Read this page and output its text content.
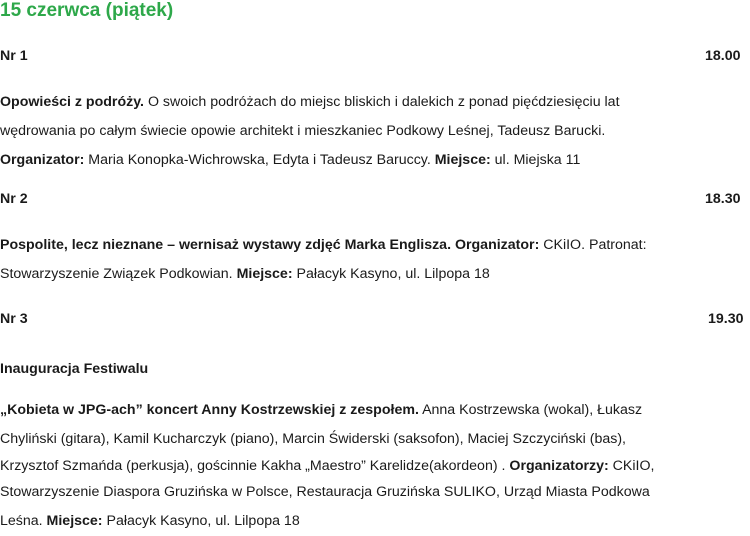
15 czerwca (piątek)
Nr 1	18.00
Opowieści z podróży. O swoich podróżach do miejsc bliskich i dalekich z ponad pięćdziesięciu lat
wędrowania po całym świecie opowie architekt i mieszkaniec Podkowy Leśnej, Tadeusz Barucki.
Organizator: Maria Konopka-Wichrowska, Edyta i Tadeusz Baruccy. Miejsce: ul. Miejska 11
Nr 2	18.30
Pospolite, lecz nieznane – wernisaż wystawy zdjęć Marka Englisza. Organizator: CKiIO. Patronat:
Stowarzyszenie Związek Podkowian. Miejsce: Pałacyk Kasyno, ul. Lilpopa 18
Nr 3	19.30
Inauguracja Festiwalu
„Kobieta w JPG-ach” koncert Anny Kostrzewskiej z zespołem. Anna Kostrzewska (wokal), Łukasz
Chyliński (gitara), Kamil Kucharczyk (piano), Marcin Świderski (saksofon), Maciej Szczyciński (bas),
Krzysztof Szmańda (perkusja), gościnnie Kakha „Maestro” Karelidze(akordeon) . Organizatorzy: CKiIO,
Stowarzyszenie Diaspora Gruzińska w Polsce, Restauracja Gruzińska SULIKO, Urząd Miasta Podkowa
Leśna. Miejsce: Pałacyk Kasyno, ul. Lilpopa 18
